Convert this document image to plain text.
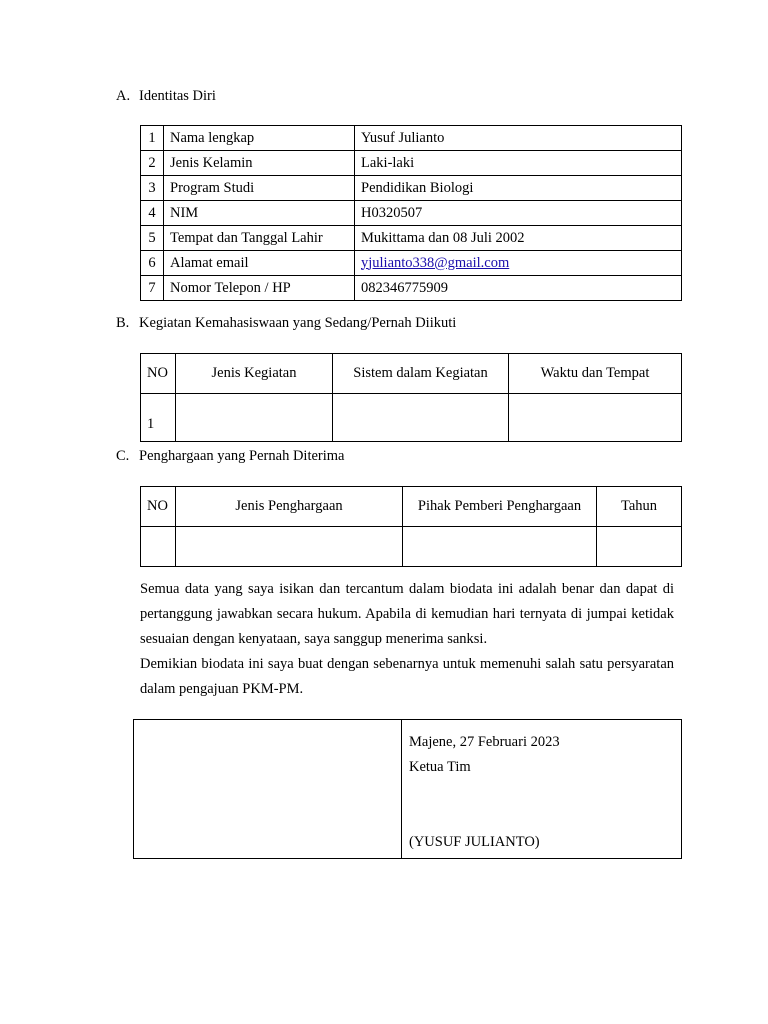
A. Identitas Diri
1	Nama lengkap	Yusuf Julianto
2	Jenis Kelamin	Laki-laki
3	Program Studi	Pendidikan Biologi
4	NIM	H0320507
5	Tempat dan Tanggal Lahir	Mukittama dan 08 Juli 2002
6	Alamat email	yjulianto338@gmail.com
7	Nomor Telepon / HP	082346775909
B. Kegiatan Kemahasiswaan yang Sedang/Pernah Diikuti
NO	Jenis Kegiatan	Sistem dalam Kegiatan	Waktu dan Tempat
1			
C. Penghargaan yang Pernah Diterima
NO	Jenis Penghargaan	Pihak Pemberi Penghargaan	Tahun

Semua data yang saya isikan dan tercantum dalam biodata ini adalah benar dan dapat di pertanggung jawabkan secara hukum. Apabila di kemudian hari ternyata di jumpai ketidak sesuaian dengan kenyataan, saya sanggup menerima sanksi.
Demikian biodata ini saya buat dengan sebenarnya untuk memenuhi salah satu persyaratan dalam pengajuan PKM-PM.

Majene, 27 Februari 2023
Ketua Tim
(YUSUF JULIANTO)
